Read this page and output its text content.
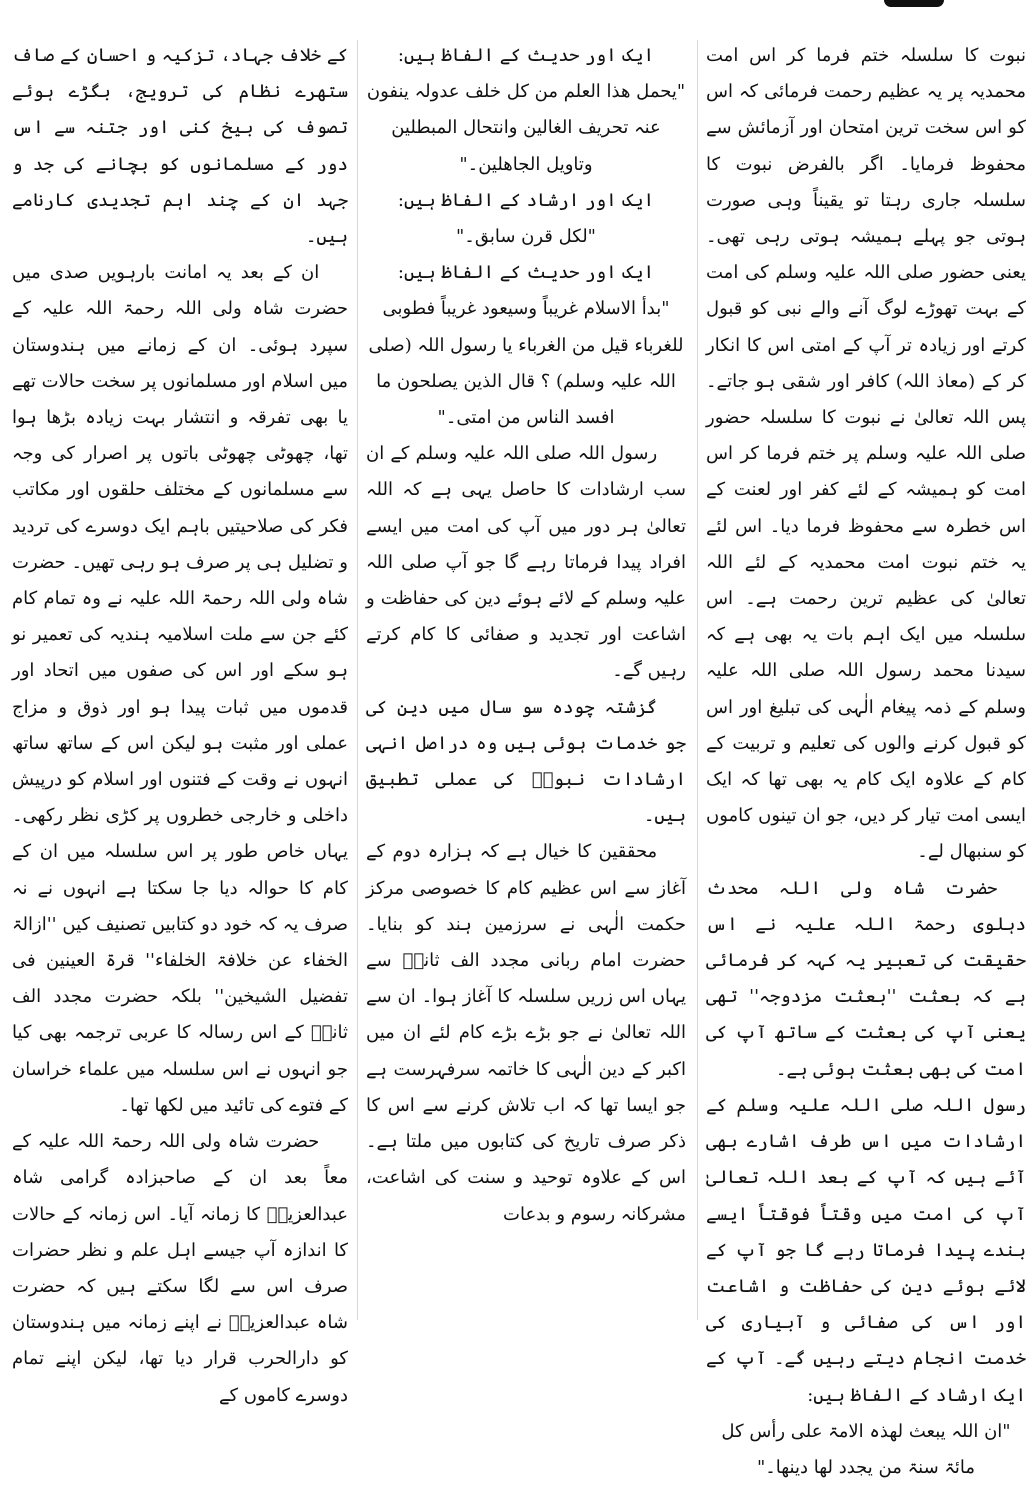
نبوت کا سلسلہ ختم فرما کر اس امت محمدیہ پر یہ عظیم رحمت فرمائی کہ اس کو اس سخت ترین امتحان اور آزمائش سے محفوظ فرمایا۔ اگر بالفرض نبوت کا سلسلہ جاری رہتا تو یقیناً وہی صورت ہوتی جو پہلے ہمیشہ ہوتی رہی تھی۔ یعنی حضور صلی اللہ علیہ وسلم کی امت کے بہت تھوڑے لوگ آنے والے نبی کو قبول کرتے اور زیادہ تر آپ کے امتی اس کا انکار کر کے (معاذ اللہ) کافر اور شقی ہو جاتے۔ پس اللہ تعالیٰ نے نبوت کا سلسلہ حضور صلی اللہ علیہ وسلم پر ختم فرما کر اس امت کو ہمیشہ کے لئے کفر اور لعنت کے اس خطرہ سے محفوظ فرما دیا۔ اس لئے یہ ختم نبوت امت محمدیہ کے لئے اللہ تعالیٰ کی عظیم ترین رحمت ہے۔ اس سلسلہ میں ایک اہم بات یہ بھی ہے کہ سیدنا محمد رسول اللہ صلی اللہ علیہ وسلم کے ذمہ پیغام الٰہی کی تبلیغ اور اس کو قبول کرنے والوں کی تعلیم و تربیت کے کام کے علاوہ ایک کام یہ بھی تھا کہ ایک ایسی امت تیار کر دیں، جو ان تینوں کاموں کو سنبھال لے۔

حضرت شاہ ولی اللہ محدث دہلوی رحمۃ اللہ علیہ نے اس حقیقت کی تعبیر یہ کہہ کر فرمائی ہے کہ بعثت ''بعثت مزدوجہ'' تھی یعنی آپ کی بعثت کے ساتھ آپ کی امت کی بھی بعثت ہوئی ہے۔

رسول اللہ صلی اللہ علیہ وسلم کے ارشادات میں اس طرف اشارے بھی آئے ہیں کہ آپ کے بعد اللہ تعالیٰ آپ کی امت میں وقتاً فوقتاً ایسے بندے پیدا فرماتا رہے گا جو آپ کے لائے ہوئے دین کی حفاظت و اشاعت اور اس کی صفائی و آبیاری کی خدمت انجام دیتے رہیں گے۔ آپ کے ایک ارشاد کے الفاظ ہیں:

"ان اللہ یبعث لھذہ الامۃ علی رأس کل مائۃ سنۃ من یجدد لھا دینھا۔"

ایک اور حدیث کے الفاظ ہیں:

"یحمل ھذا العلم من کل خلف عدولہ ینفون عنہ تحریف الغالین وانتحال المبطلین وتاویل الجاھلین۔"

ایک اور ارشاد کے الفاظ ہیں:

"لکل قرن سابق۔"

ایک اور حدیث کے الفاظ ہیں:

"بدأ الاسلام غریباً وسیعود غریباً فطوبی للغرباء قیل من الغرباء یا رسول اللہ (صلی اللہ علیہ وسلم) ؟ قال الذین یصلحون ما افسد الناس من امتی۔"

رسول اللہ صلی اللہ علیہ وسلم کے ان سب ارشادات کا حاصل یہی ہے کہ اللہ تعالیٰ ہر دور میں آپ کی امت میں ایسے افراد پیدا فرماتا رہے گا جو آپ صلی اللہ علیہ وسلم کے لائے ہوئے دین کی حفاظت و اشاعت اور تجدید و صفائی کا کام کرتے رہیں گے۔

گزشتہ چودہ سو سال میں دین کی جو خدمات ہوئی ہیں وہ دراصل انہی ارشادات نبویؐ کی عملی تطبیق ہیں۔

محققین کا خیال ہے کہ ہزارہ دوم کے آغاز سے اس عظیم کام کا خصوصی مرکز حکمت الٰہی نے سرزمین ہند کو بنایا۔ حضرت امام ربانی مجدد الف ثانیؒ سے یہاں اس زریں سلسلہ کا آغاز ہوا۔ ان سے اللہ تعالیٰ نے جو بڑے بڑے کام لئے ان میں اکبر کے دین الٰہی کا خاتمہ سرفہرست ہے جو ایسا تھا کہ اب تلاش کرنے سے اس کا ذکر صرف تاریخ کی کتابوں میں ملتا ہے۔ اس کے علاوہ توحید و سنت کی اشاعت، مشرکانہ رسوم و بدعات

کے خلاف جہاد، تزکیہ و احسان کے صاف ستھرے نظام کی ترویج، بگڑے ہوئے تصوف کی بیخ کنی اور جتنہ سے اس دور کے مسلمانوں کو بچانے کی جد و جہد ان کے چند اہم تجدیدی کارنامے ہیں۔

ان کے بعد یہ امانت بارہویں صدی میں حضرت شاہ ولی اللہ رحمۃ اللہ علیہ کے سپرد ہوئی۔ ان کے زمانے میں ہندوستان میں اسلام اور مسلمانوں پر سخت حالات تھے یا بھی تفرقہ و انتشار بہت زیادہ بڑھا ہوا تھا، چھوٹی چھوٹی باتوں پر اصرار کی وجہ سے مسلمانوں کے مختلف حلقوں اور مکاتب فکر کی صلاحیتیں باہم ایک دوسرے کی تردید و تضلیل ہی پر صرف ہو رہی تھیں۔ حضرت شاہ ولی اللہ رحمۃ اللہ علیہ نے وہ تمام کام کئے جن سے ملت اسلامیہ ہندیہ کی تعمیر نو ہو سکے اور اس کی صفوں میں اتحاد اور قدموں میں ثبات پیدا ہو اور ذوق و مزاج عملی اور مثبت ہو لیکن اس کے ساتھ ساتھ انہوں نے وقت کے فتنوں اور اسلام کو درپیش داخلی و خارجی خطروں پر کڑی نظر رکھی۔ یہاں خاص طور پر اس سلسلہ میں ان کے کام کا حوالہ دیا جا سکتا ہے انہوں نے نہ صرف یہ کہ خود دو کتابیں تصنیف کیں ''ازالۃ الخفاء عن خلافۃ الخلفاء'' قرۃ العینین فی تفضیل الشیخین'' بلکہ حضرت مجدد الف ثانیؒ کے اس رسالہ کا عربی ترجمہ بھی کیا جو انہوں نے اس سلسلہ میں علماء خراسان کے فتوے کی تائید میں لکھا تھا۔

حضرت شاہ ولی اللہ رحمۃ اللہ علیہ کے معاً بعد ان کے صاحبزادہ گرامی شاہ عبدالعزیزؒ کا زمانہ آیا۔ اس زمانہ کے حالات کا اندازہ آپ جیسے اہل علم و نظر حضرات صرف اس سے لگا سکتے ہیں کہ حضرت شاہ عبدالعزیزؒ نے اپنے زمانہ میں ہندوستان کو دارالحرب قرار دیا تھا، لیکن اپنے تمام دوسرے کاموں کے
